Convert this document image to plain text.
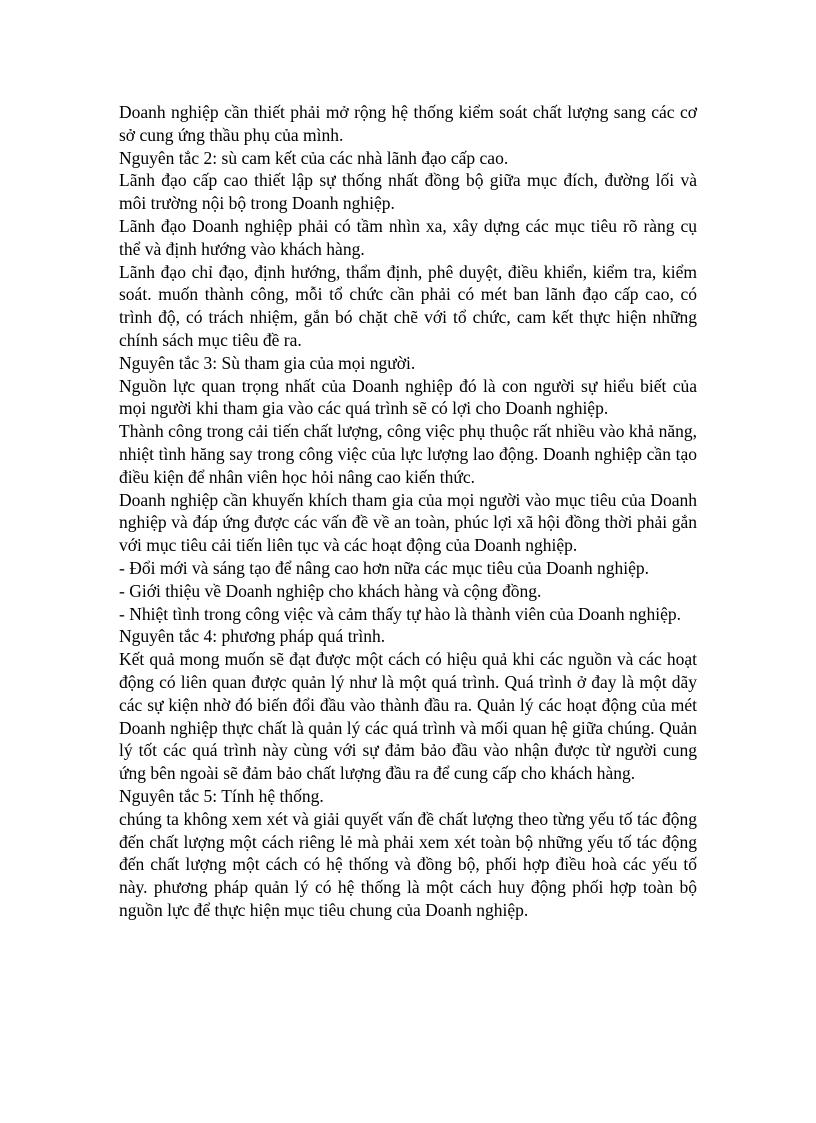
Doanh nghiệp cần thiết phải mở rộng hệ thống kiểm soát chất lượng sang các cơ sở cung ứng thầu phụ của mình.

Nguyên tắc 2: sù cam kết của các nhà lãnh đạo cấp cao.

Lãnh đạo cấp cao thiết lập sự thống nhất đồng bộ giữa mục đích, đường lối và môi trường nội bộ trong Doanh nghiệp.

Lãnh đạo Doanh nghiệp phải có tầm nhìn xa, xây dựng các mục tiêu rõ ràng cụ thể và định hướng vào khách hàng.

Lãnh đạo chỉ đạo, định hướng, thẩm định, phê duyệt, điều khiển, kiểm tra, kiểm soát. muốn thành công, mỗi tổ chức cần phải có mét ban lãnh đạo cấp cao, có trình độ, có trách nhiệm, gắn bó chặt chẽ với tổ chức, cam kết thực hiện những chính sách mục tiêu đề ra.

Nguyên tắc 3: Sù tham gia của mọi người.

Nguồn lực quan trọng nhất của Doanh nghiệp đó là con người sự hiểu biết của mọi người khi tham gia vào các quá trình sẽ có lợi cho Doanh nghiệp.

Thành công trong cải tiến chất lượng, công việc phụ thuộc rất nhiều vào khả năng, nhiệt tình hăng say trong công việc của lực lượng lao động. Doanh nghiệp cần tạo điều kiện để nhân viên học hỏi nâng cao kiến thức.

Doanh nghiệp cần khuyến khích tham gia của mọi người vào mục tiêu của Doanh nghiệp và đáp ứng được các vấn đề về an toàn, phúc lợi xã hội đồng thời phải gắn với mục tiêu cải tiến liên tục và các hoạt động của Doanh nghiệp.

- Đổi mới và sáng tạo để nâng cao hơn nữa các mục tiêu của Doanh nghiệp.

- Giới thiệu về Doanh nghiệp cho khách hàng và cộng đồng.

- Nhiệt tình trong công việc và cảm thấy tự hào là thành viên của Doanh nghiệp.

Nguyên tắc 4: phương pháp quá trình.

Kết quả mong muốn sẽ đạt được một cách có hiệu quả khi các nguồn và các hoạt động có liên quan được quản lý như là một quá trình. Quá trình ở đay là một dãy các sự kiện nhờ đó biến đổi đầu vào thành đầu ra. Quản lý các hoạt động của mét Doanh nghiệp thực chất là quản lý các quá trình và mối quan hệ giữa chúng. Quản lý tốt các quá trình này cùng với sự đảm bảo đầu vào nhận được từ người cung ứng bên ngoài sẽ đảm bảo chất lượng đầu ra để cung cấp cho khách hàng.

Nguyên tắc 5: Tính hệ thống.

chúng ta không xem xét và giải quyết vấn đề chất lượng theo từng yếu tố tác động đến chất lượng một cách riêng lẻ mà phải xem xét toàn bộ những yếu tố tác động đến chất lượng một cách có hệ thống và đồng bộ, phối hợp điều hoà các yếu tố này. phương pháp quản lý có hệ thống là một cách huy động phối hợp toàn bộ nguồn lực để thực hiện mục tiêu chung của Doanh nghiệp.
